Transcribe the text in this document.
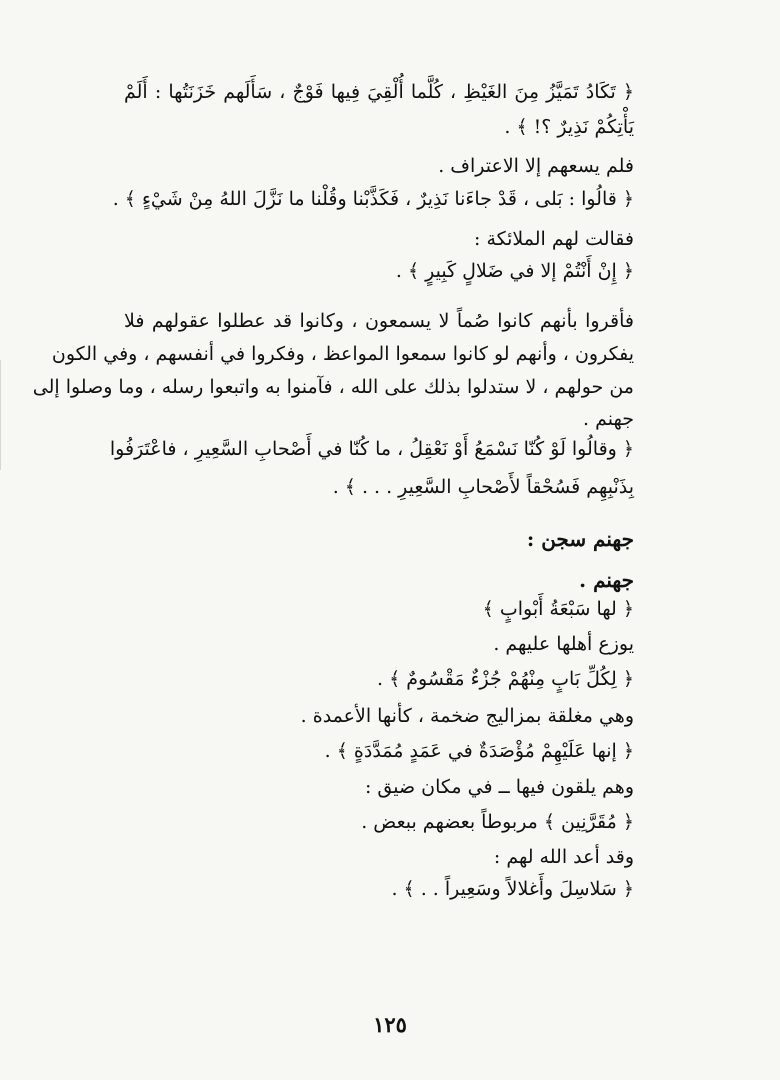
﴿ تَكَادُ تَمَيَّزُ مِنَ الغَيْظِ ، كُلَّما أُلْقِيَ فِيها فَوْجٌ ، سَأَلَهم خَزَنَتُها : أَلَمْ
يَأْتِكُمْ نَذِيرٌ ؟! ﴾ .
فلم يسعهم إلا الاعتراف .
﴿ قالُوا : بَلى ، قَدْ جاءَنا نَذِيرٌ ، فَكَذَّبْنا وقُلْنا ما نَزَّلَ اللهُ مِنْ شَيْءٍ ﴾ .
فقالت لهم الملائكة :
﴿ إِنْ أَنْتُمْ إلا في ضَلالٍ كَبِيرٍ ﴾ .
فأقروا بأنهم كانوا صُماً لا يسمعون ، وكانوا قد عطلوا عقولهم فلا
يفكرون ، وأنهم لو كانوا سمعوا المواعظ ، وفكروا في أنفسهم ، وفي الكون
من حولهم ، لا ستدلوا بذلك على الله ، فآمنوا به واتبعوا رسله ، وما وصلوا إلى
جهنم .
﴿ وقالُوا لَوْ كُنّا نَسْمَعُ أَوْ نَعْقِلُ ، ما كُنّا في أَصْحابِ السَّعِيرِ ، فاعْتَرَفُوا
بِذَنْبِهِم فَسُحْقاً لأَصْحابِ السَّعِيرِ . . . ﴾ .
جهنم سجن :
جهنم .
﴿ لها سَبْعَةُ أَبْوابٍ ﴾
يوزع أهلها عليهم .
﴿ لِكُلِّ بَابٍ مِنْهُمْ جُزْءٌ مَقْسُومٌ ﴾ .
وهي مغلقة بمزاليج ضخمة ، كأنها الأعمدة .
﴿ إنها عَلَيْهِمْ مُؤْصَدَةٌ في عَمَدٍ مُمَدَّدَةٍ ﴾ .
وهم يلقون فيها ــ في مكان ضيق :
﴿ مُقَرَّنِين ﴾ مربوطاً بعضهم ببعض .
وقد أعد الله لهم :
﴿ سَلاسِلَ وأَغلالاً وسَعِيراً . . ﴾ .
١٢٥
